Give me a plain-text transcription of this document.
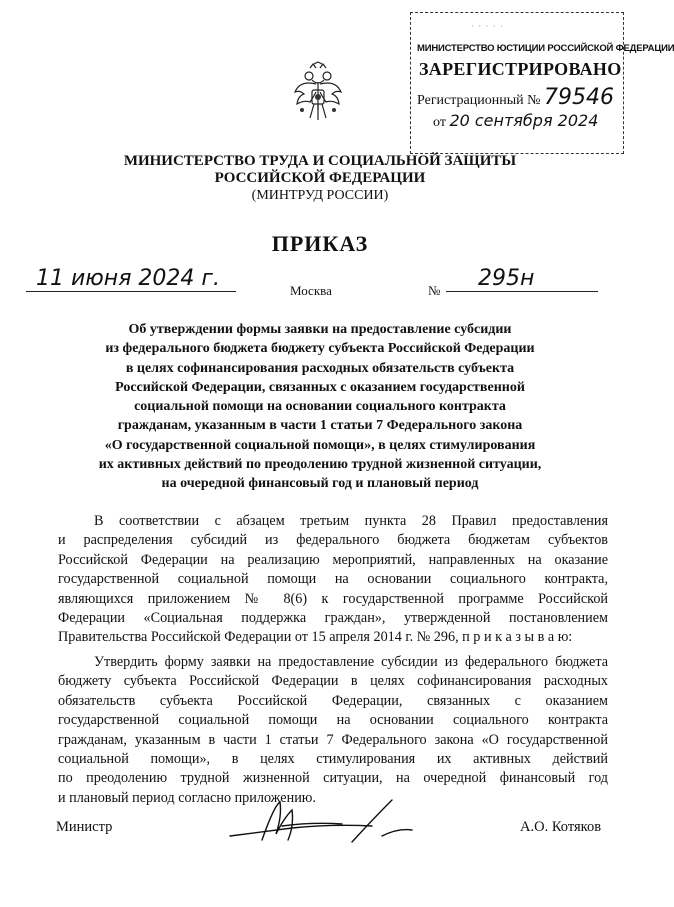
· · · · ·
МИНИСТЕРСТВО ЮСТИЦИИ РОССИЙСКОЙ ФЕДЕРАЦИИ
ЗАРЕГИСТРИРОВАНО
Регистрационный № 79546
от 20 сентября 2024
МИНИСТЕРСТВО ТРУДА И СОЦИАЛЬНОЙ ЗАЩИТЫ
РОССИЙСКОЙ ФЕДЕРАЦИИ
(МИНТРУД РОССИИ)
ПРИКАЗ
11 июня 2024 г.	Москва	№	295н
Об утверждении формы заявки на предоставление субсидии
из федерального бюджета бюджету субъекта Российской Федерации
в целях софинансирования расходных обязательств субъекта
Российской Федерации, связанных с оказанием государственной
социальной помощи на основании социального контракта
гражданам, указанным в части 1 статьи 7 Федерального закона
«О государственной социальной помощи», в целях стимулирования
их активных действий по преодолению трудной жизненной ситуации,
на очередной финансовый год и плановый период
В соответствии с абзацем третьим пункта 28 Правил предоставления
и распределения субсидий из федерального бюджета бюджетам субъектов
Российской Федерации на реализацию мероприятий, направленных на оказание
государственной социальной помощи на основании социального контракта,
являющихся приложением № 8(6) к государственной программе Российской
Федерации «Социальная поддержка граждан», утвержденной постановлением
Правительства Российской Федерации от 15 апреля 2014 г. № 296, п р и к а з ы в а ю:
Утвердить форму заявки на предоставление субсидии из федерального бюджета
бюджету субъекта Российской Федерации в целях софинансирования расходных
обязательств субъекта Российской Федерации, связанных с оказанием
государственной социальной помощи на основании социального контракта
гражданам, указанным в части 1 статьи 7 Федерального закона «О государственной
социальной помощи», в целях стимулирования их активных действий
по преодолению трудной жизненной ситуации, на очередной финансовый год
и плановый период согласно приложению.
Министр	А.О. Котяков
